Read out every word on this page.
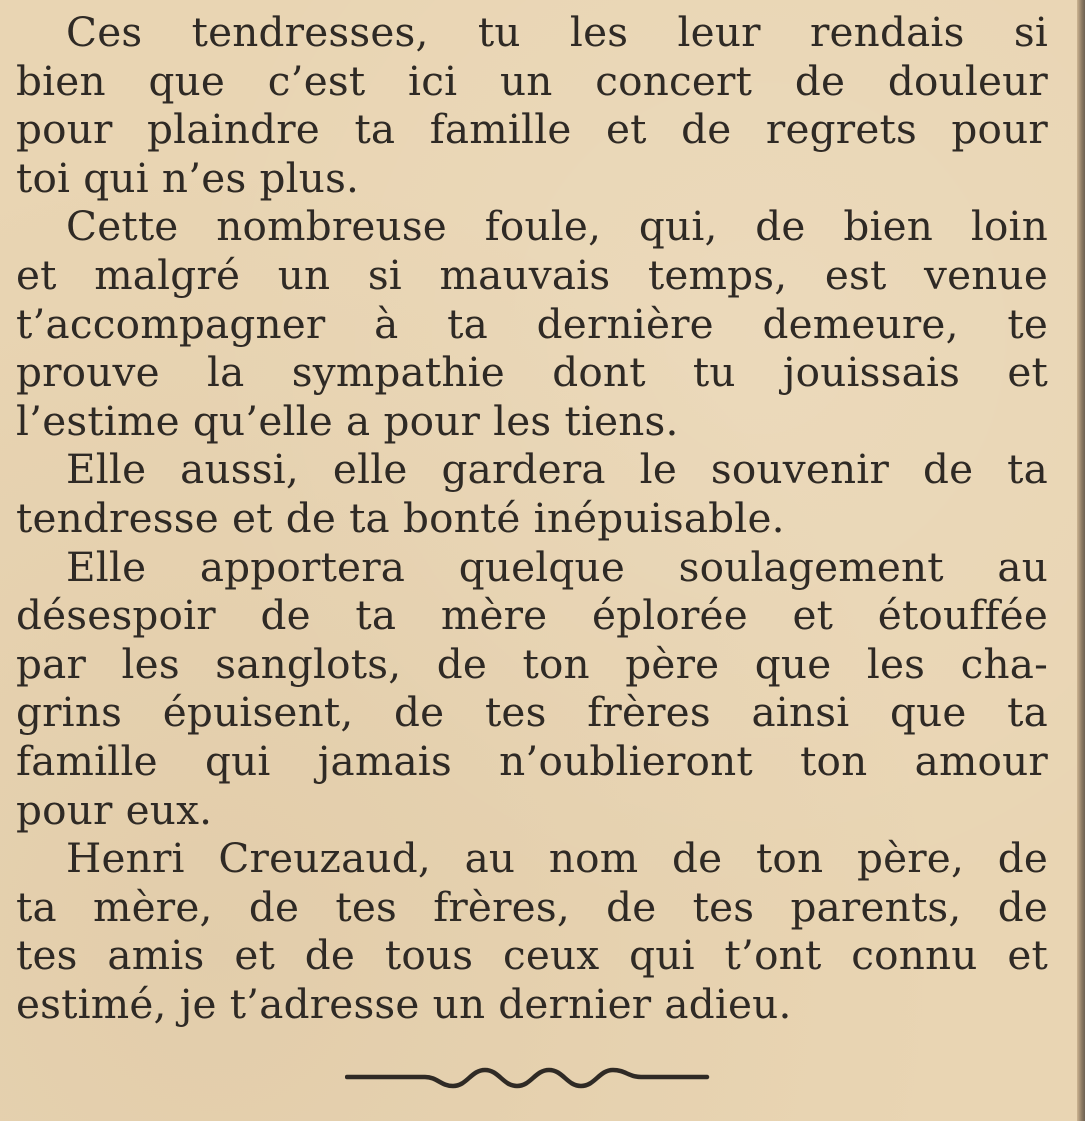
Ces tendresses, tu les leur rendais si
bien que c’est ici un concert de douleur
pour plaindre ta famille et de regrets pour
toi qui n’es plus.
Cette nombreuse foule, qui, de bien loin
et malgré un si mauvais temps, est venue
t’accompagner à ta dernière demeure, te
prouve la sympathie dont tu jouissais et
l’estime qu’elle a pour les tiens.
Elle aussi, elle gardera le souvenir de ta
tendresse et de ta bonté inépuisable.
Elle apportera quelque soulagement au
désespoir de ta mère éplorée et étouffée
par les sanglots, de ton père que les cha-
grins épuisent, de tes frères ainsi que ta
famille qui jamais n’oublieront ton amour
pour eux.
Henri Creuzaud, au nom de ton père, de
ta mère, de tes frères, de tes parents, de
tes amis et de tous ceux qui t’ont connu et
estimé, je t’adresse un dernier adieu.
